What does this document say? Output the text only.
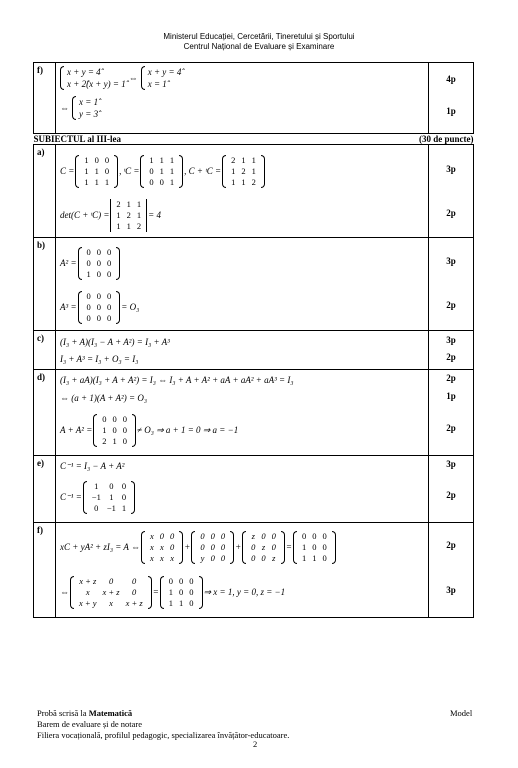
Ministerul Educației, Cercetării, Tineretului și Sportului
Centrul Național de Evaluare și Examinare
f)	x + y = 4̂
x + 2̂(x + y) = 1̂
⇔
x + y = 4̂
x = 1̂
⇔
x = 1̂
y = 3̂

4p
1p

SUBIECTUL al III-lea	(30 de puncte)

a)	
C =
1	0	0
1	1	0
1	1	1
, ᵗC =
1	1	1
0	1	1
0	0	1
, C + ᵗC =
2	1	1
1	2	1
1	1	2
det(C + ᵗC) =
2	1	1
1	2	1
1	1	2
= 4

3p
2p

b)	
A² =
0	0	0
0	0	0
1	0	0
A³ =
0	0	0
0	0	0
0	0	0
= O₃

3p
2p

c)	(I₃ + A)(I₃ − A + A²) = I₃ + A³
I₃ + A³ = I₃ + O₃ = I₃

3p
2p

d)	(I₃ + aA)(I₃ + A + A²) = I₃ ⇔ I₃ + A + A² + aA + aA² + aA³ = I₃
⇔ (a + 1)(A + A²) = O₃
A + A² =
0	0	0
1	0	0
2	1	0
≠ O₃ ⇒ a + 1 = 0 ⇒ a = −1

2p
1p
2p

e)	C⁻¹ = I₃ − A + A²
C⁻¹ =
1	0	0
−1	1	0
0	−1	1

3p
2p

f)	
xC + yA² + zI₃ = A ⇔
x	0	0
x	x	0
x	x	x
+
0	0	0
0	0	0
y	0	0
+
z	0	0
0	z	0
0	0	z
=
0	0	0
1	0	0
1	1	0
⇔
x + z	0	0
x	x + z	0
x + y	x	x + z
=
0	0	0
1	0	0
1	1	0
⇒ x = 1, y = 0, z = −1

2p
3p
Probă scrisă la Matematică	Model
Barem de evaluare și de notare
Filiera vocațională, profilul pedagogic, specializarea învățător-educatoare.
2
